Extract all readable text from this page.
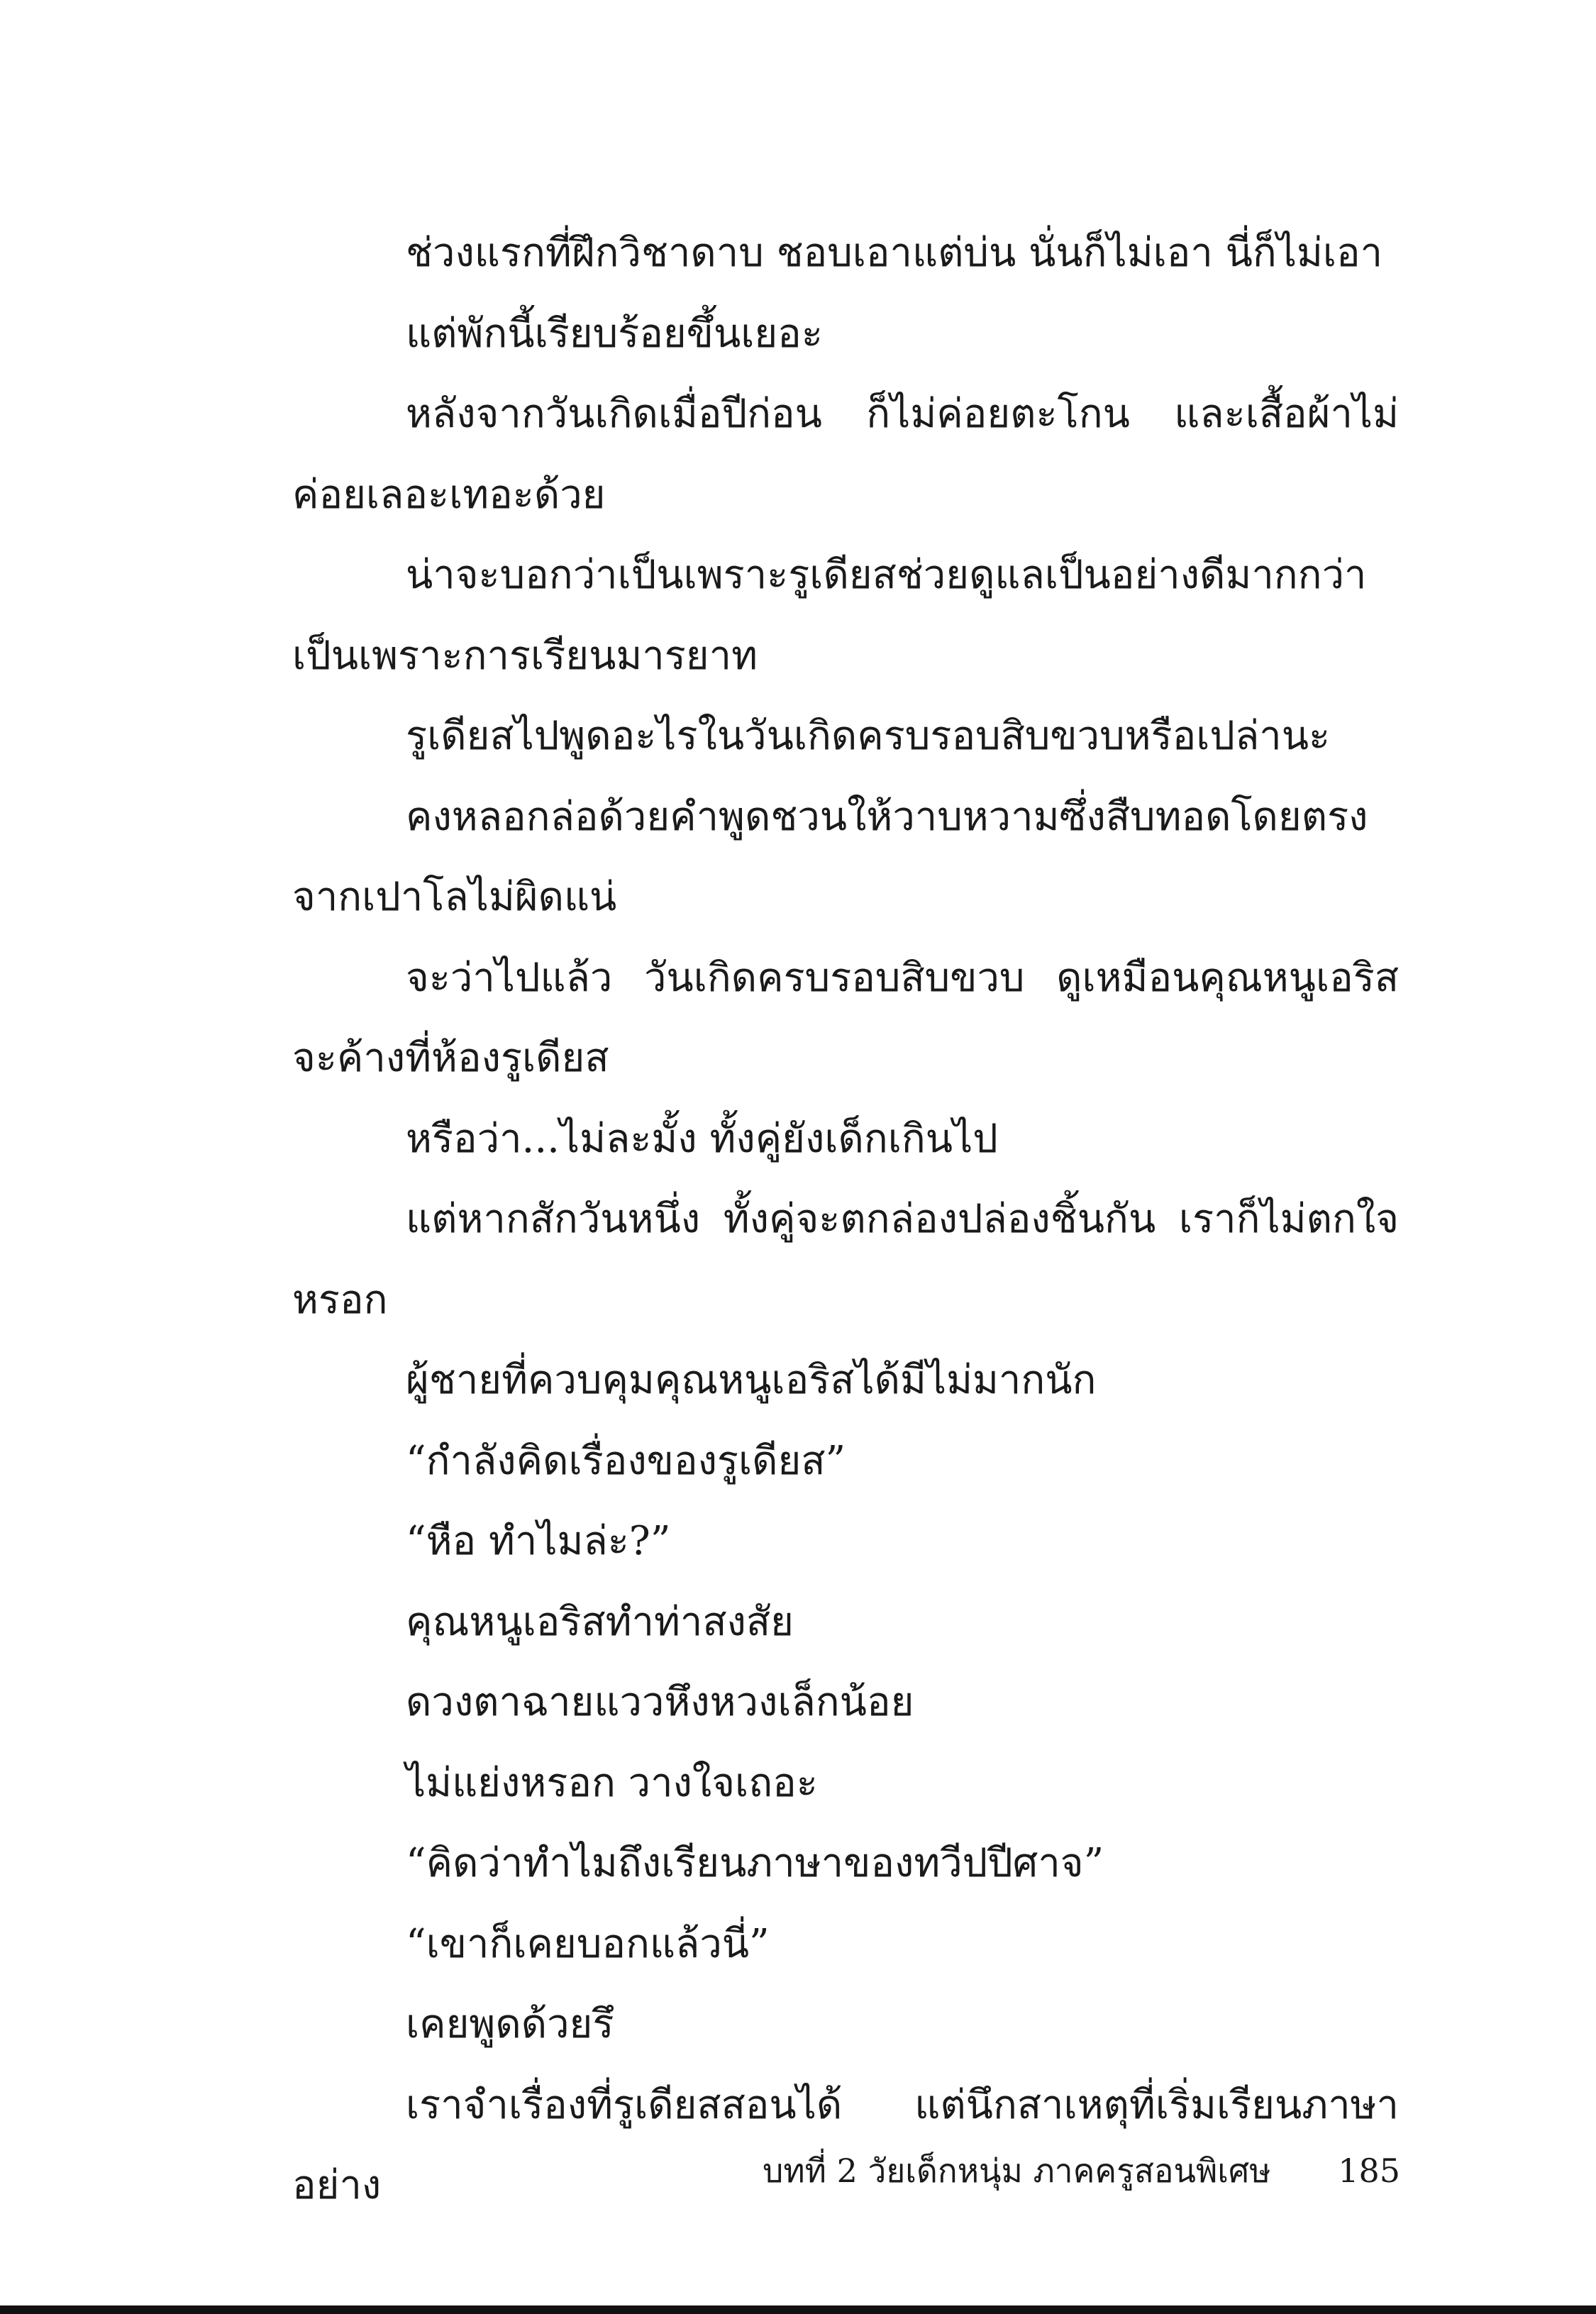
ช่วงแรกที่ฝึกวิชาดาบ ชอบเอาแต่บ่น นั่นก็ไม่เอา นี่ก็ไม่เอา

แต่พักนี้เรียบร้อยขึ้นเยอะ

หลังจากวันเกิดเมื่อปีก่อน ก็ไม่ค่อยตะโกน และเสื้อผ้าไม่ค่อยเลอะเทอะด้วย

น่าจะบอกว่าเป็นเพราะรูเดียสช่วยดูแลเป็นอย่างดีมากกว่าเป็นเพราะการเรียนมารยาท

รูเดียสไปพูดอะไรในวันเกิดครบรอบสิบขวบหรือเปล่านะ

คงหลอกล่อด้วยคำพูดชวนให้วาบหวามซึ่งสืบทอดโดยตรงจากเปาโลไม่ผิดแน่

จะว่าไปแล้ว วันเกิดครบรอบสิบขวบ ดูเหมือนคุณหนูเอริสจะค้างที่ห้องรูเดียส

หรือว่า...ไม่ละมั้ง ทั้งคู่ยังเด็กเกินไป

แต่หากสักวันหนึ่ง ทั้งคู่จะตกล่องปล่องชิ้นกัน เราก็ไม่ตกใจหรอก

ผู้ชายที่ควบคุมคุณหนูเอริสได้มีไม่มากนัก

“กำลังคิดเรื่องของรูเดียส”

“หือ ทำไมล่ะ?”

คุณหนูเอริสทำท่าสงสัย

ดวงตาฉายแววหึงหวงเล็กน้อย

ไม่แย่งหรอก วางใจเถอะ

“คิดว่าทำไมถึงเรียนภาษาของทวีปปีศาจ”

“เขาก็เคยบอกแล้วนี่”

เคยพูดด้วยรึ

เราจำเรื่องที่รูเดียสสอนได้ แต่นึกสาเหตุที่เริ่มเรียนภาษาอย่าง	บทที่ 2 วัยเด็กหนุ่ม ภาคครูสอนพิเศษ 185
